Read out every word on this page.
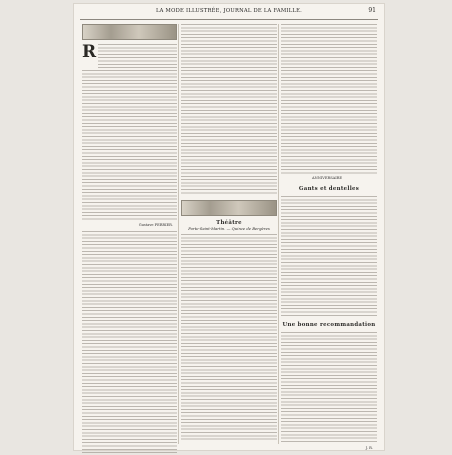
LA MODE ILLUSTRÉE, JOURNAL DE LA FAMILLE.	91
R
Gustave PERRIER.	Théâtre
Porte-Saint-Martin. — Quinze de Bergères
ANNIVERSAIRE
Gants et dentelles
Une bonne recommandation
J. R.
